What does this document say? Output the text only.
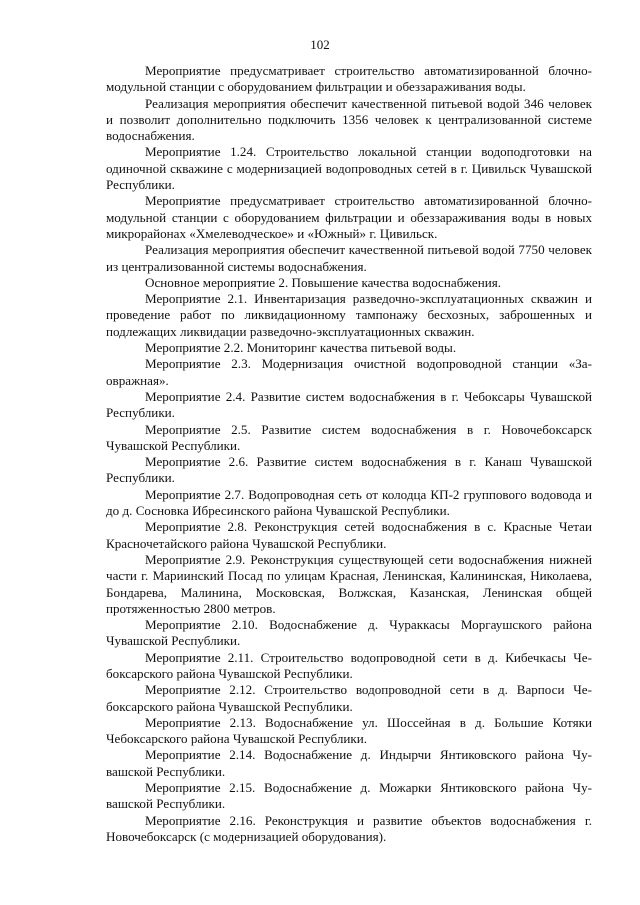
102

Мероприятие предусматривает строительство автоматизированной блочно-модульной станции с оборудованием фильтрации и обеззараживания воды.

Реализация мероприятия обеспечит качественной питьевой водой 346 человек и позволит дополнительно подключить 1356 человек к централизованной системе водоснабжения.

Мероприятие 1.24. Строительство локальной станции водоподготовки на одиночной скважине с модернизацией водопроводных сетей в г. Цивильск Чувашской Республики.

Мероприятие предусматривает строительство автоматизированной блочно-модульной станции с оборудованием фильтрации и обеззараживания воды в новых микрорайонах «Хмелеводческое» и «Южный» г. Цивильск.

Реализация мероприятия обеспечит качественной питьевой водой 7750 человек из централизованной системы водоснабжения.

Основное мероприятие 2. Повышение качества водоснабжения.

Мероприятие 2.1. Инвентаризация разведочно-эксплуатационных скважин и проведение работ по ликвидационному тампонажу бесхозных, заброшенных и подлежащих ликвидации разведочно-эксплуатационных скважин.

Мероприятие 2.2. Мониторинг качества питьевой воды.

Мероприятие 2.3. Модернизация очистной водопроводной станции «Заовражная».

Мероприятие 2.4. Развитие систем водоснабжения в г. Чебоксары Чувашской Республики.

Мероприятие 2.5. Развитие систем водоснабжения в г. Новочебоксарск Чувашской Республики.

Мероприятие 2.6. Развитие систем водоснабжения в г. Канаш Чувашской Республики.

Мероприятие 2.7. Водопроводная сеть от колодца КП-2 группового водовода и до д. Сосновка Ибресинского района Чувашской Республики.

Мероприятие 2.8. Реконструкция сетей водоснабжения в с. Красные Четаи Красночетайского района Чувашской Республики.

Мероприятие 2.9. Реконструкция существующей сети водоснабжения нижней части г. Мариинский Посад по улицам Красная, Ленинская, Калининская, Николаева, Бондарева, Малинина, Московская, Волжская, Казанская, Ленинская общей протяженностью 2800 метров.

Мероприятие 2.10. Водоснабжение д. Чураккасы Моргаушского района Чувашской Республики.

Мероприятие 2.11. Строительство водопроводной сети в д. Кибечкасы Чебоксарского района Чувашской Республики.

Мероприятие 2.12. Строительство водопроводной сети в д. Варпоси Чебоксарского района Чувашской Республики.

Мероприятие 2.13. Водоснабжение ул. Шоссейная в д. Большие Котяки Чебоксарского района Чувашской Республики.

Мероприятие 2.14. Водоснабжение д. Индырчи Янтиковского района Чувашской Республики.

Мероприятие 2.15. Водоснабжение д. Можарки Янтиковского района Чувашской Республики.

Мероприятие 2.16. Реконструкция и развитие объектов водоснабжения г. Новочебоксарск (с модернизацией оборудования).
